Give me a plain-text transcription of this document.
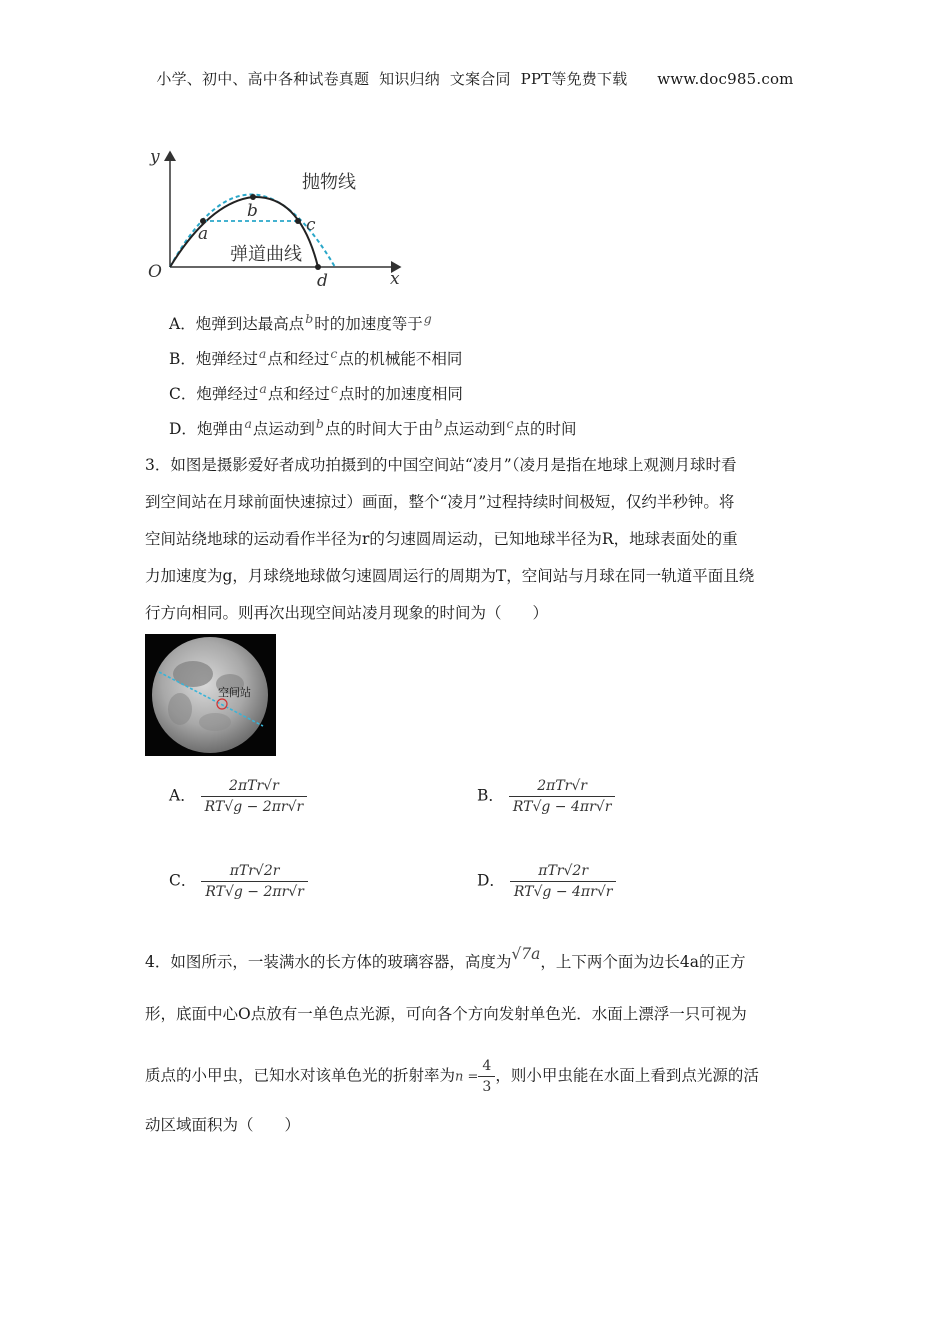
小学、初中、高中各种试卷真题  知识归纳  文案合同  PPT等免费下载      www.doc985.com
y
x
O
a
b
c
d
抛物线
弹道曲线
A．炮弹到达最高点$^b$时的加速度等于$^g$
B．炮弹经过$^a$点和经过$^c$点的机械能不相同
C．炮弹经过$^a$点和经过$^c$点时的加速度相同
D．炮弹由$^a$点运动到$^b$点的时间大于由$^b$点运动到$^c$点的时间
3．如图是摄影爱好者成功拍摄到的中国空间站“凌月”（凌月是指在地球上观测月球时看
到空间站在月球前面快速掠过）画面，整个“凌月”过程持续时间极短，仅约半秒钟。将
空间站绕地球的运动看作半径为r的匀速圆周运动，已知地球半径为R，地球表面处的重
力加速度为g，月球绕地球做匀速圆周运行的周期为T，空间站与月球在同一轨道平面且绕
行方向相同。则再次出现空间站凌月现象的时间为（　　）
空间站
A． $\frac{\text{2πTr√r}}{RT√g - 2\pi r√r}$	B． $\frac{\text{2πTr√r}}{RT√g - 4\pi r√r}$
C． $\frac{\text{πTr√2r}}{RT√g - 2\pi r√r}$	D． $\frac{\text{πTr√2r}}{RT√g - 4\pi r√r}$
4．如图所示，一装满水的长方体的玻璃容器，高度为√7a，上下两个面为边长4a的正方
形，底面中心O点放有一单色点光源，可向各个方向发射单色光．水面上漂浮一只可视为
质点的小甲虫，已知水对该单色光的折射率为$n = \frac{4}{3}$ ，则小甲虫能在水面上看到点光源的活
动区域面积为（　　）
